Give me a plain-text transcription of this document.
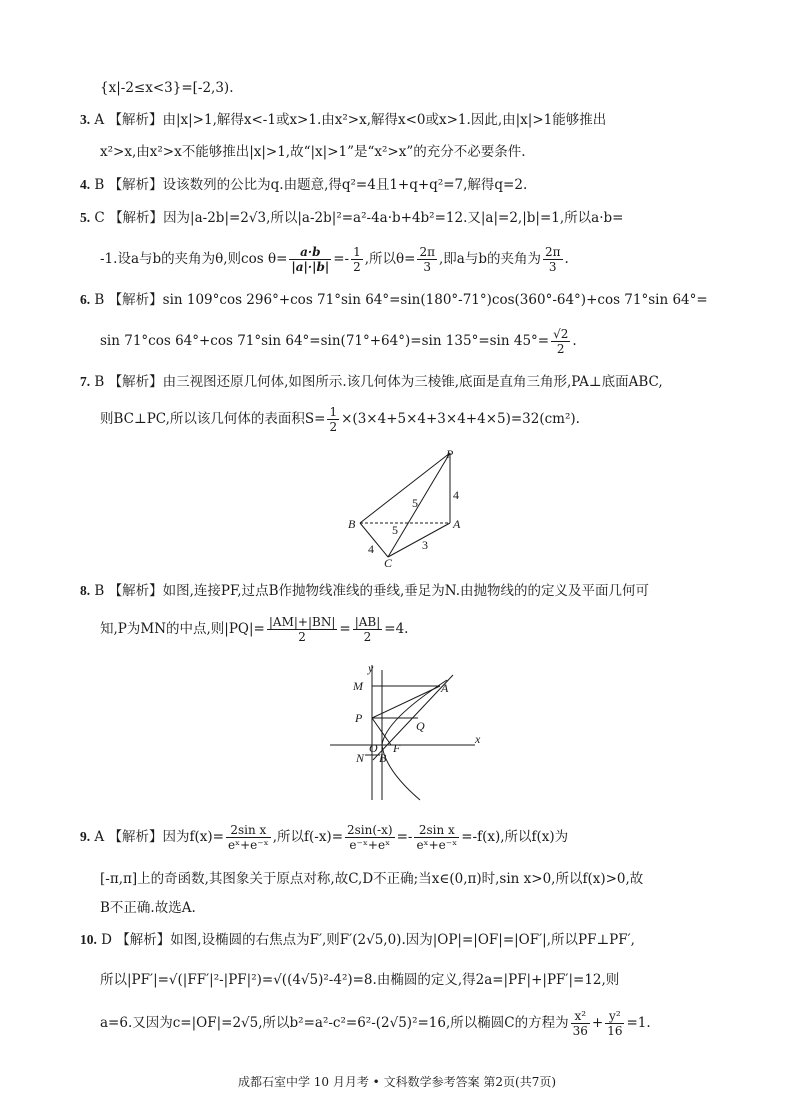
{x|-2≤x<3}=[-2,3).
3. A 【解析】由|x|>1,解得x<-1或x>1.由x²>x,解得x<0或x>1.因此,由|x|>1能够推出
x²>x,由x²>x不能够推出|x|>1,故“|x|>1”是“x²>x”的充分不必要条件.
4. B 【解析】设该数列的公比为q.由题意,得q²=4且1+q+q²=7,解得q=2.
5. C 【解析】因为|a-2b|=2√3,所以|a-2b|²=a²-4a·b+4b²=12.又|a|=2,|b|=1,所以a·b=
-1.设a与b的夹角为θ,则$\cos \theta= \frac{a\cdot b}{|a|\cdot|b|} =- \frac{1}{2}$ ,所以$\theta= \frac{2\pi}{3}$ ,即a与b的夹角为 $\frac{2\pi}{3}$ .
6. B 【解析】sin 109°cos 296°+cos 71°sin 64°=sin(180°-71°)cos(360°-64°)+cos 71°sin 64°=
sin 71°cos 64°+cos 71°sin 64°=sin(71°+64°)=sin 135°=sin $45^\circ= \frac{√2}{2}$ .
7. B 【解析】由三视图还原几何体,如图所示.该几何体为三棱锥,底面是直角三角形,PA⊥底面ABC,
则BC⊥PC,所以该几何体的表面积$S= \frac{1}{2} \times(3\times 4+5\times 4+3\times 4+4\times 5)=32(cm^2)$.
P
A
B
C
5
5
4
4	3
8. B 【解析】如图,连接PF,过点B作抛物线准线的垂线,垂足为N.由抛物线的的定义及平面几何可
知,P为MN的中点,则$|PQ|= \frac{|AM|+|BN|}{2} = \frac{|AB|}{2} =4$.
y
x
M	A
P
Q
O F
N B
9. A 【解析】因为$f(x)= \frac{\text{2sin x}}{\text{eˣ+e⁻ˣ}}$ ,所以$f(-x)= \frac{2\sin(-x)}{\text{e⁻ˣ+eˣ}} =- \frac{\text{2sin x}}{\text{eˣ+e⁻ˣ}} =-f(x)$,所以f(x)为
[-π,π]上的奇函数,其图象关于原点对称,故C,D不正确;当x∈(0,π)时,sin x>0,所以f(x)>0,故
B不正确.故选A.
10. D 【解析】如图,设椭圆的右焦点为F′,则F′(2√5,0).因为|OP|=|OF|=|OF′|,所以PF⊥PF′,
所以|PF′|=√(|FF′|²-|PF|²)=√((4√5)²-4²)=8.由椭圆的定义,得2a=|PF|+|PF′|=12,则
a=6.又因为c=|OF|=2√5,所以b²=a²-c²=6²-(2√5)²=16,所以椭圆C的方程为 $\frac{\text{x²}}{36} + \frac{\text{y²}}{16} =1$.
成都石室中学 10 月月考 • 文科数学参考答案 第2页(共7页)
